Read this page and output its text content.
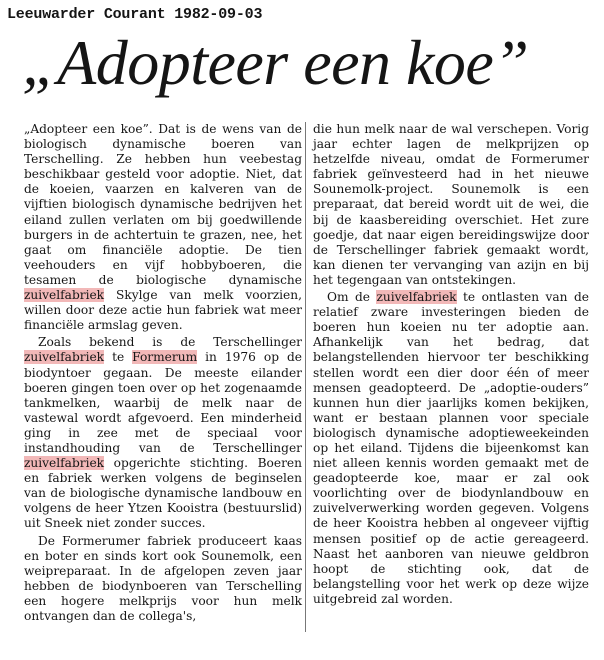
Leeuwarder Courant 1982-09-03
„Adopteer een koe”

„Adopteer een koe”. Dat is de wens van de biologisch dynamische boeren van Terschelling. Ze hebben hun veebestag beschikbaar gesteld voor adoptie. Niet, dat de koeien, vaarzen en kalveren van de vijftien biologisch dynamische bedrijven het eiland zullen verlaten om bij goedwillende burgers in de achtertuin te grazen, nee, het gaat om financiële adoptie. De tien veehouders en vijf hobbyboeren, die tesamen de biologische dynamische zuivelfabriek Skylge van melk voorzien, willen door deze actie hun fabriek wat meer financiële armslag geven.

Zoals bekend is de Terschellinger zuivelfabriek te Formerum in 1976 op de biodyntoer gegaan. De meeste eilander boeren gingen toen over op het zogenaamde tankmelken, waarbij de melk naar de vastewal wordt afgevoerd. Een minderheid ging in zee met de speciaal voor instandhouding van de Terschellinger zuivelfabriek opgerichte stichting. Boeren en fabriek werken volgens de beginselen van de biologische dynamische landbouw en volgens de heer Ytzen Kooistra (bestuurslid) uit Sneek niet zonder succes.

De Formerumer fabriek produceert kaas en boter en sinds kort ook Sounemolk, een weipreparaat. In de afgelopen zeven jaar hebben de biodynboeren van Terschelling een hogere melkprijs voor hun melk ontvangen dan de collega's,

die hun melk naar de wal verschepen. Vorig jaar echter lagen de melkprijzen op hetzelfde niveau, omdat de Formerumer fabriek geïnvesteerd had in het nieuwe Sounemolk-project. Sounemolk is een preparaat, dat bereid wordt uit de wei, die bij de kaasbereiding overschiet. Het zure goedje, dat naar eigen bereidingswijze door de Terschellinger fabriek gemaakt wordt, kan dienen ter vervanging van azijn en bij het tegengaan van ontstekingen.

Om de zuivelfabriek te ontlasten van de relatief zware investeringen bieden de boeren hun koeien nu ter adoptie aan. Afhankelijk van het bedrag, dat belangstellenden hiervoor ter beschikking stellen wordt een dier door één of meer mensen geadopteerd. De „adoptie-ouders” kunnen hun dier jaarlijks komen bekijken, want er bestaan plannen voor speciale biologisch dynamische adoptieweekeinden op het eiland. Tijdens die bijeenkomst kan niet alleen kennis worden gemaakt met de geadopteerde koe, maar er zal ook voorlichting over de biodynlandbouw en zuivelverwerking worden gegeven. Volgens de heer Kooistra hebben al ongeveer vijftig mensen positief op de actie gereageerd. Naast het aanboren van nieuwe geldbron hoopt de stichting ook, dat de belangstelling voor het werk op deze wijze uitgebreid zal worden.
